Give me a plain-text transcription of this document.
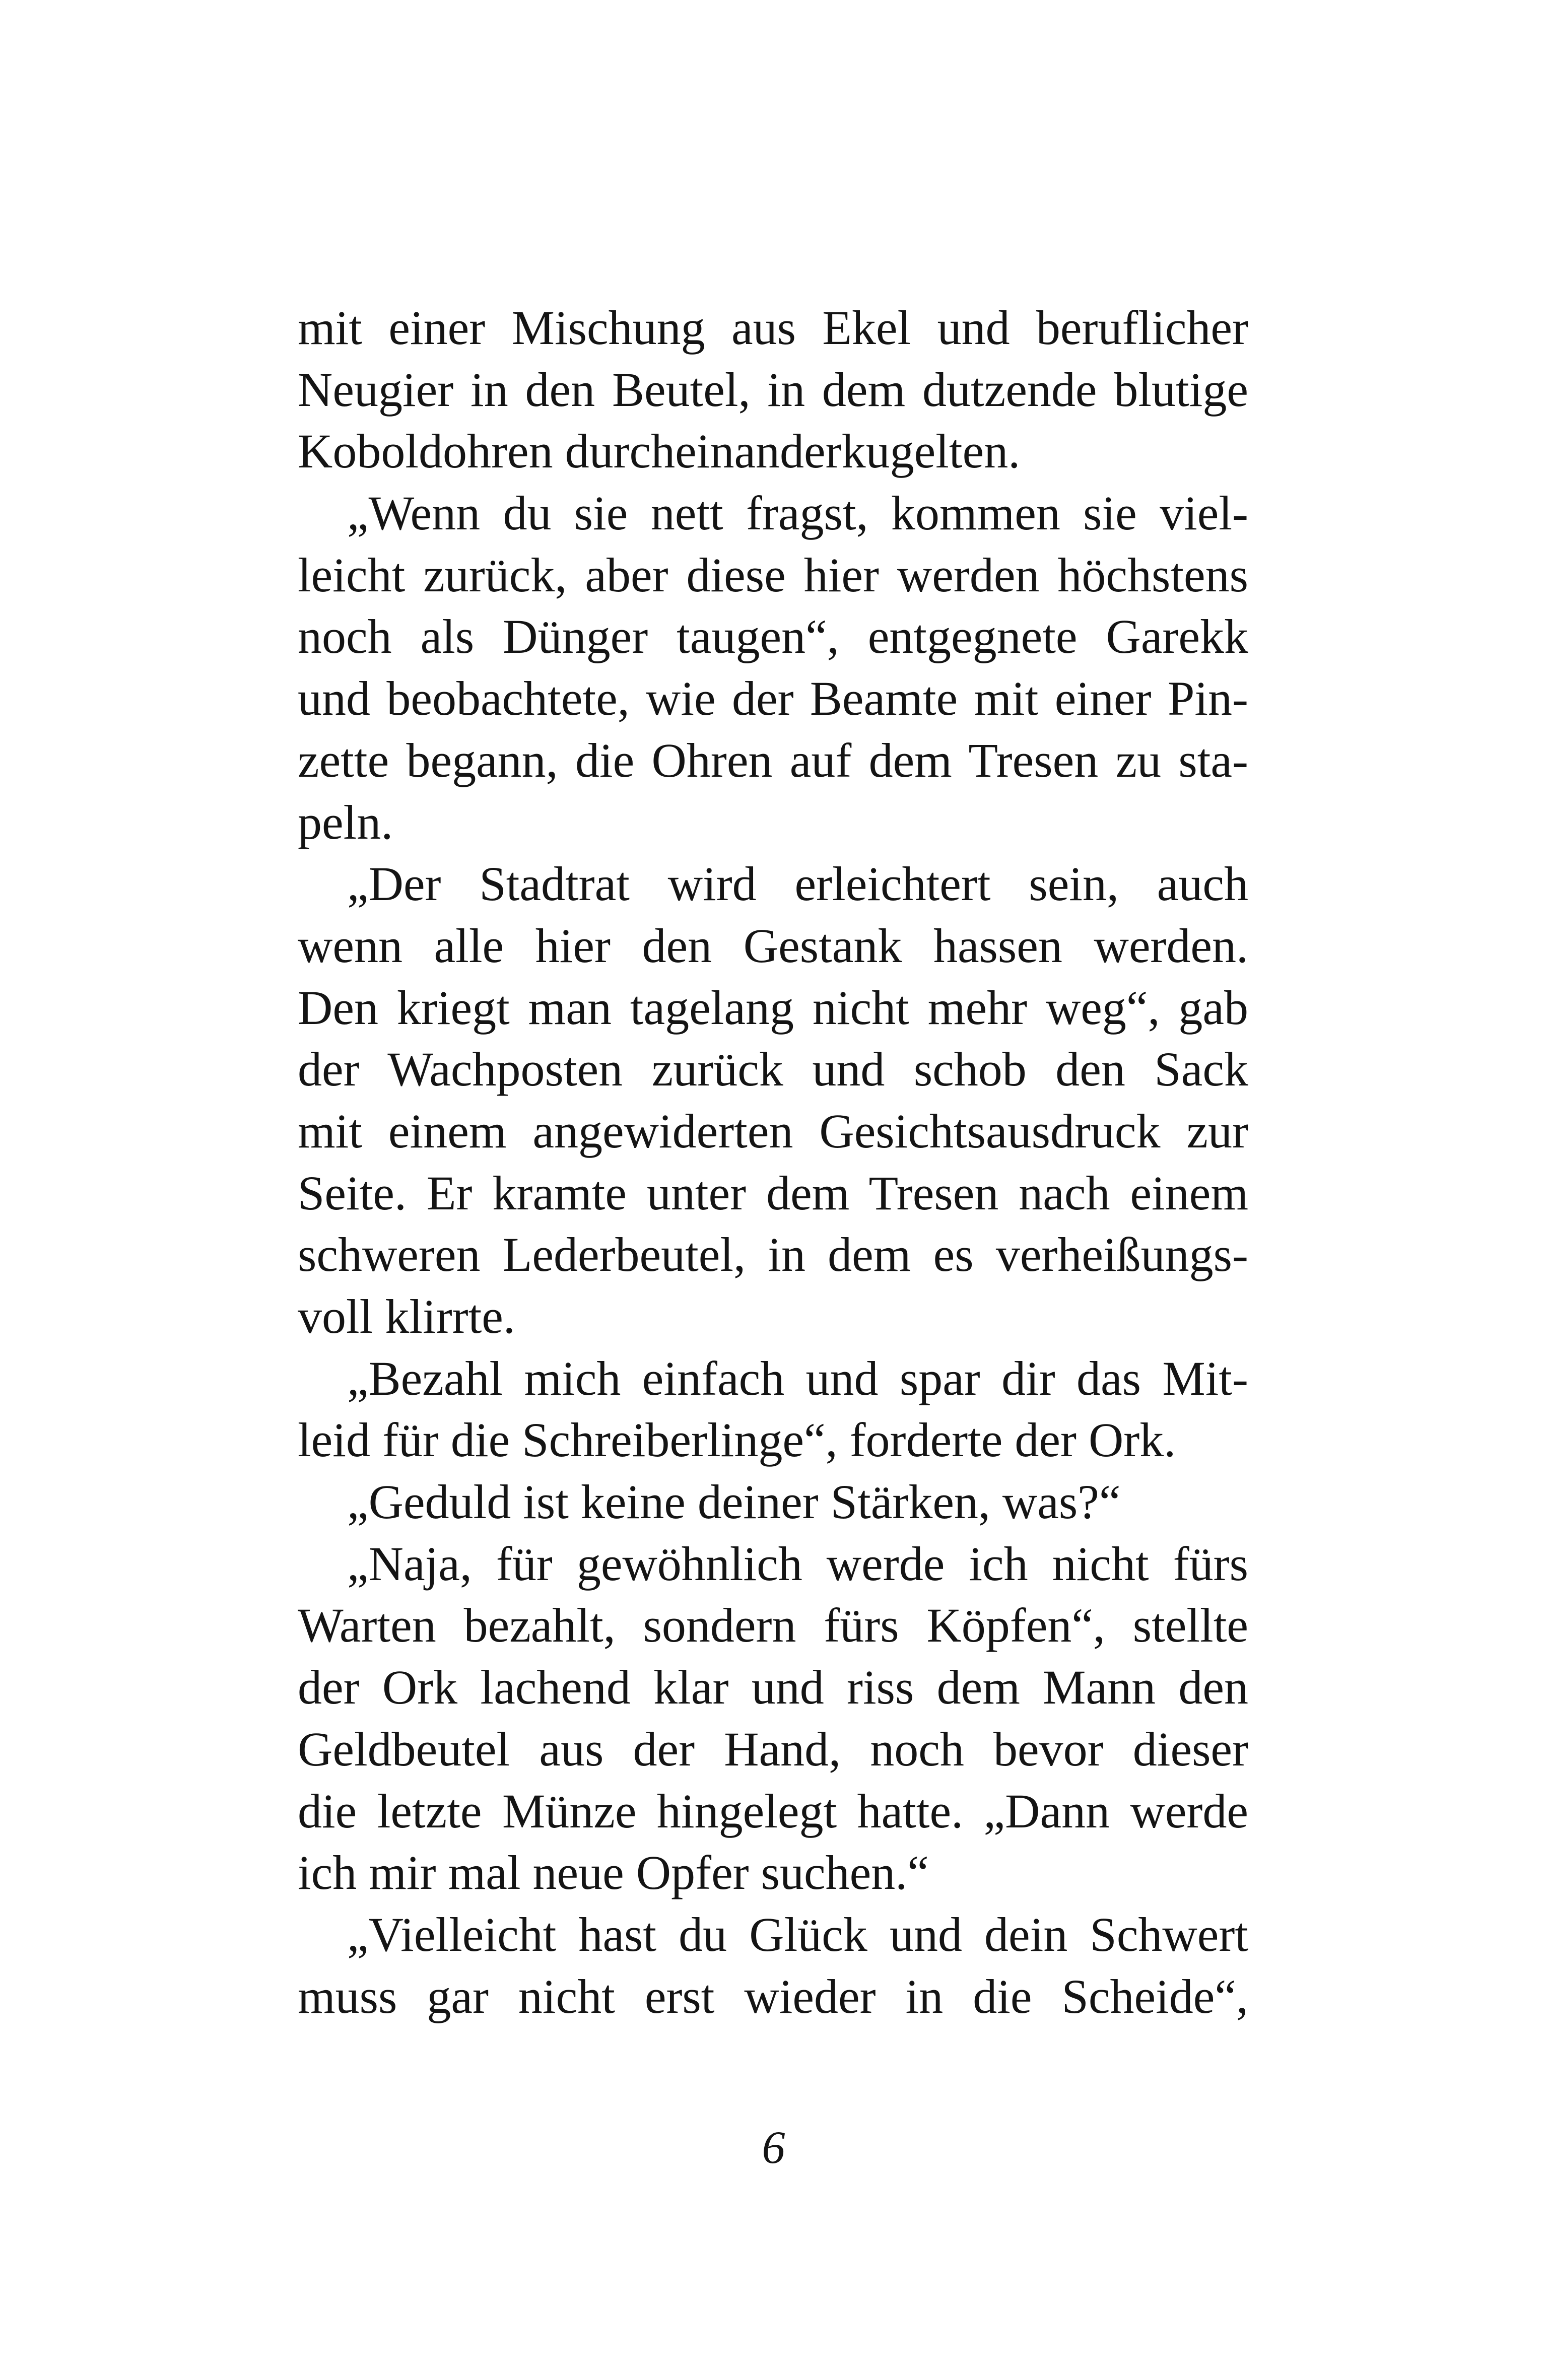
mit einer Mischung aus Ekel und beruflicher
Neugier in den Beutel, in dem dutzende blutige
Koboldohren durcheinanderkugelten.
„Wenn du sie nett fragst, kommen sie viel-
leicht zurück, aber diese hier werden höchstens
noch als Dünger taugen“, entgegnete Garekk
und beobachtete, wie der Beamte mit einer Pin-
zette begann, die Ohren auf dem Tresen zu sta-
peln.
„Der Stadtrat wird erleichtert sein, auch
wenn alle hier den Gestank hassen werden.
Den kriegt man tagelang nicht mehr weg“, gab
der Wachposten zurück und schob den Sack
mit einem angewiderten Gesichtsausdruck zur
Seite. Er kramte unter dem Tresen nach einem
schweren Lederbeutel, in dem es verheißungs-
voll klirrte.
„Bezahl mich einfach und spar dir das Mit-
leid für die Schreiberlinge“, forderte der Ork.
„Geduld ist keine deiner Stärken, was?“
„Naja, für gewöhnlich werde ich nicht fürs
Warten bezahlt, sondern fürs Köpfen“, stellte
der Ork lachend klar und riss dem Mann den
Geldbeutel aus der Hand, noch bevor dieser
die letzte Münze hingelegt hatte. „Dann werde
ich mir mal neue Opfer suchen.“
„Vielleicht hast du Glück und dein Schwert
muss gar nicht erst wieder in die Scheide“,
6
